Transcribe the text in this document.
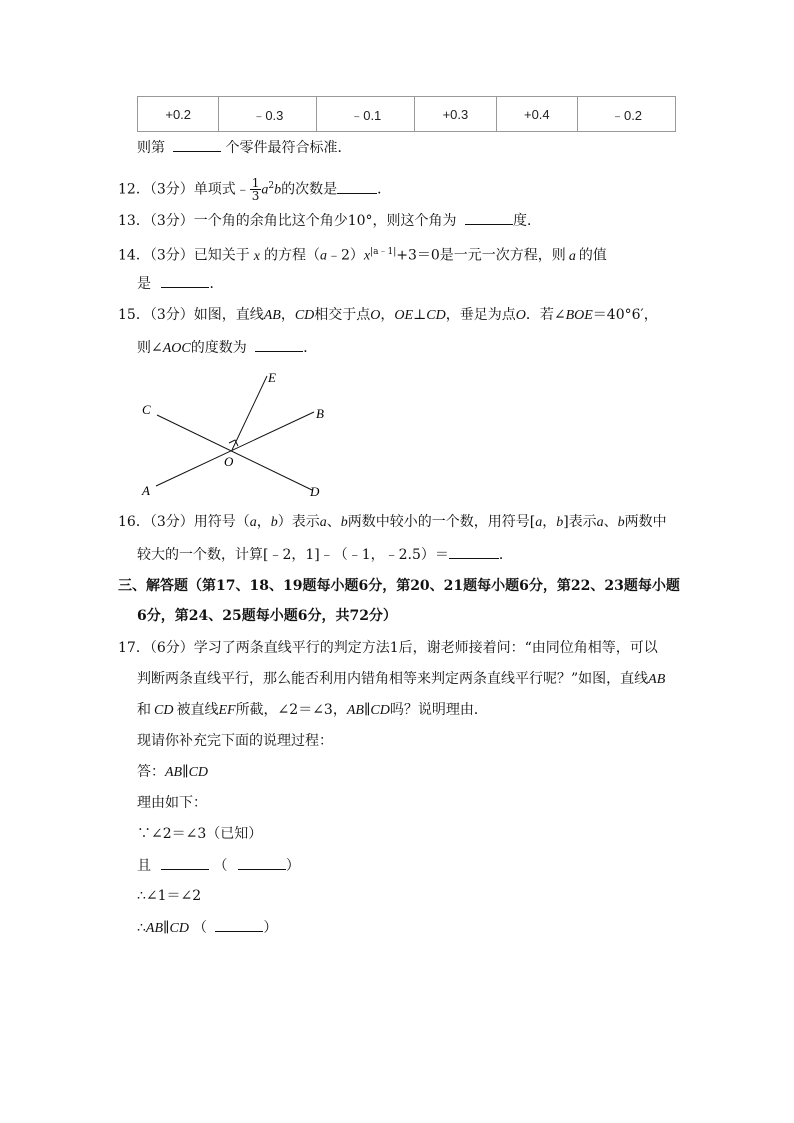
+0.2	﹣0.3	﹣0.1	+0.3	+0.4	﹣0.2
则第	个零件最符合标准．
12．（3分）单项式﹣ $\frac{1}{3} a^2b$的次数是	．
13．（3分）一个角的余角比这个角少10°，则这个角为	度．
14．（3分）已知关于 x 的方程$(a﹣2)x^{|a﹣1|}+3=0$是一元一次方程，则 a 的值
是	．
15．（3分）如图，直线AB，CD相交于点O，OE⊥CD，垂足为点O．若∠BOE＝40°6′，
则∠AOC的度数为	．
C
E
B
O
A	D
16．（3分）用符号（a，b）表示a、b两数中较小的一个数，用符号[a，b]表示a、b两数中
较大的一个数，计算[﹣2，1]﹣（﹣1，﹣2.5）＝	．
三、解答题（第17、18、19题每小题6分，第20、21题每小题6分，第22、23题每小题
6分，第24、25题每小题6分，共72分）
17．（6分）学习了两条直线平行的判定方法1后，谢老师接着问：“由同位角相等，可以
判断两条直线平行，那么能否利用内错角相等来判定两条直线平行呢？”如图，直线AB
和 CD 被直线EF所截，∠2＝∠3，AB∥CD吗？说明理由．
现请你补充完下面的说理过程：
答：AB∥CD
理由如下：
∵∠2＝∠3（已知）
且	（	）
∴∠1＝∠2
∴AB∥CD （	）
